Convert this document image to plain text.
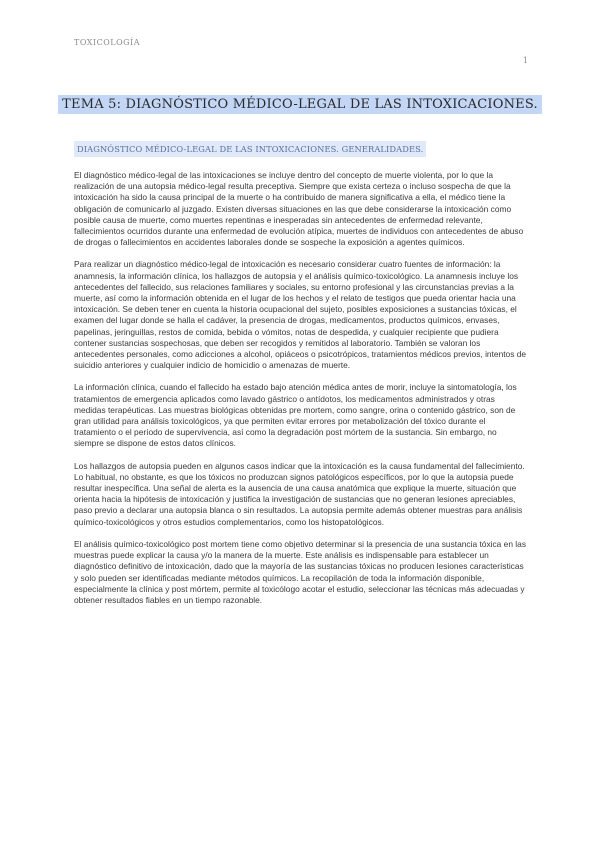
TOXICOLOGÍA
1
TEMA 5: DIAGNÓSTICO MÉDICO-LEGAL DE LAS INTOXICACIONES.
DIAGNÓSTICO MÉDICO-LEGAL DE LAS INTOXICACIONES. GENERALIDADES.

El diagnóstico médico-legal de las intoxicaciones se incluye dentro del concepto de muerte violenta, por lo que la realización de una autopsia médico-legal resulta preceptiva. Siempre que exista certeza o incluso sospecha de que la intoxicación ha sido la causa principal de la muerte o ha contribuido de manera significativa a ella, el médico tiene la obligación de comunicarlo al juzgado. Existen diversas situaciones en las que debe considerarse la intoxicación como posible causa de muerte, como muertes repentinas e inesperadas sin antecedentes de enfermedad relevante, fallecimientos ocurridos durante una enfermedad de evolución atípica, muertes de individuos con antecedentes de abuso de drogas o fallecimientos en accidentes laborales donde se sospeche la exposición a agentes químicos.

Para realizar un diagnóstico médico-legal de intoxicación es necesario considerar cuatro fuentes de información: la anamnesis, la información clínica, los hallazgos de autopsia y el análisis químico-toxicológico. La anamnesis incluye los antecedentes del fallecido, sus relaciones familiares y sociales, su entorno profesional y las circunstancias previas a la muerte, así como la información obtenida en el lugar de los hechos y el relato de testigos que pueda orientar hacia una intoxicación. Se deben tener en cuenta la historia ocupacional del sujeto, posibles exposiciones a sustancias tóxicas, el examen del lugar donde se halla el cadáver, la presencia de drogas, medicamentos, productos químicos, envases, papelinas, jeringuillas, restos de comida, bebida o vómitos, notas de despedida, y cualquier recipiente que pudiera contener sustancias sospechosas, que deben ser recogidos y remitidos al laboratorio. También se valoran los antecedentes personales, como adicciones a alcohol, opiáceos o psicotrópicos, tratamientos médicos previos, intentos de suicidio anteriores y cualquier indicio de homicidio o amenazas de muerte.

La información clínica, cuando el fallecido ha estado bajo atención médica antes de morir, incluye la sintomatología, los tratamientos de emergencia aplicados como lavado gástrico o antídotos, los medicamentos administrados y otras medidas terapéuticas. Las muestras biológicas obtenidas pre mortem, como sangre, orina o contenido gástrico, son de gran utilidad para análisis toxicológicos, ya que permiten evitar errores por metabolización del tóxico durante el tratamiento o el período de supervivencia, así como la degradación post mórtem de la sustancia. Sin embargo, no siempre se dispone de estos datos clínicos.

Los hallazgos de autopsia pueden en algunos casos indicar que la intoxicación es la causa fundamental del fallecimiento. Lo habitual, no obstante, es que los tóxicos no produzcan signos patológicos específicos, por lo que la autopsia puede resultar inespecífica. Una señal de alerta es la ausencia de una causa anatómica que explique la muerte, situación que orienta hacia la hipótesis de intoxicación y justifica la investigación de sustancias que no generan lesiones apreciables, paso previo a declarar una autopsia blanca o sin resultados. La autopsia permite además obtener muestras para análisis químico-toxicológicos y otros estudios complementarios, como los histopatológicos.

El análisis químico-toxicológico post mortem tiene como objetivo determinar si la presencia de una sustancia tóxica en las muestras puede explicar la causa y/o la manera de la muerte. Este análisis es indispensable para establecer un diagnóstico definitivo de intoxicación, dado que la mayoría de las sustancias tóxicas no producen lesiones características y solo pueden ser identificadas mediante métodos químicos. La recopilación de toda la información disponible, especialmente la clínica y post mórtem, permite al toxicólogo acotar el estudio, seleccionar las técnicas más adecuadas y obtener resultados fiables en un tiempo razonable.
